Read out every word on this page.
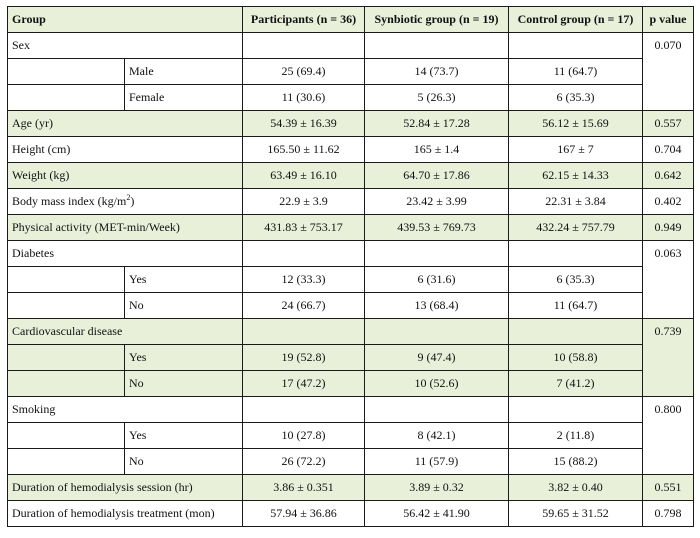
Group		Participants (n = 36)	Synbiotic group (n = 19)	Control group (n = 17)	p value
Sex					0.070
	Male	25 (69.4)	14 (73.7)	11 (64.7)	
	Female	11 (30.6)	5 (26.3)	6 (35.3)	
Age (yr)		54.39 ± 16.39	52.84 ± 17.28	56.12 ± 15.69	0.557
Height (cm)		165.50 ± 11.62	165 ± 1.4	167 ± 7	0.704
Weight (kg)		63.49 ± 16.10	64.70 ± 17.86	62.15 ± 14.33	0.642
Body mass index $(kg/m^2)$		22.9 ± 3.9	23.42 ± 3.99	22.31 ± 3.84	0.402
Physical activity (MET-min/Week)		431.83 ± 753.17	439.53 ± 769.73	432.24 ± 757.79	0.949
Diabetes					0.063
	Yes	12 (33.3)	6 (31.6)	6 (35.3)	
	No	24 (66.7)	13 (68.4)	11 (64.7)	
Cardiovascular disease					0.739
	Yes	19 (52.8)	9 (47.4)	10 (58.8)	
	No	17 (47.2)	10 (52.6)	7 (41.2)	
Smoking					0.800
	Yes	10 (27.8)	8 (42.1)	2 (11.8)	
	No	26 (72.2)	11 (57.9)	15 (88.2)	
Duration of hemodialysis session (hr)		3.86 ± 0.351	3.89 ± 0.32	3.82 ± 0.40	0.551
Duration of hemodialysis treatment (mon)		57.94 ± 36.86	56.42 ± 41.90	59.65 ± 31.52	0.798
